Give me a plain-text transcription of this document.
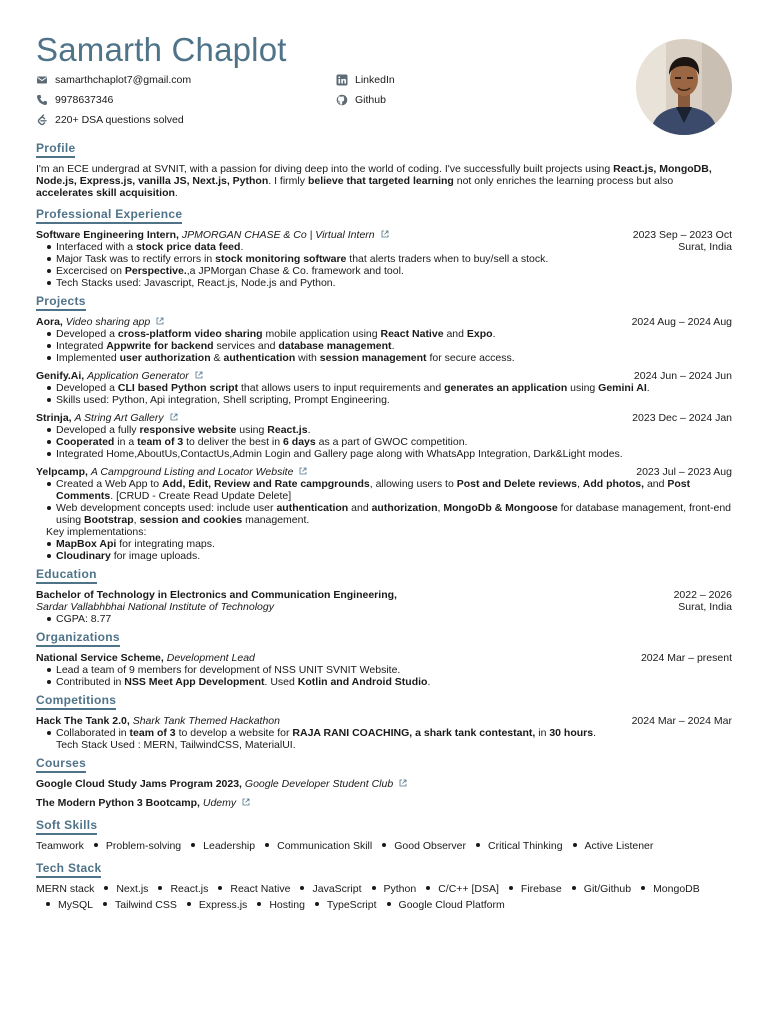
Samarth Chaplot
samarthchaplot7@gmail.com	LinkedIn
9978637346	Github
220+ DSA questions solved
Profile
I'm an ECE undergrad at SVNIT, with a passion for diving deep into the world of coding. I've successfully built projects using React.js, MongoDB, Node.js, Express.js, vanilla JS, Next.js, Python. I firmly believe that targeted learning not only enriches the learning process but also accelerates skill acquisition.
Professional Experience
Software Engineering Intern, JPMORGAN CHASE & Co | Virtual Intern	2023 Sep – 2023 Oct
Interfaced with a stock price data feed.	Surat, India
Major Task was to rectify errors in stock monitoring software that alerts traders when to buy/sell a stock.
Excercised on Perspective.,a JPMorgan Chase & Co. framework and tool.
Tech Stacks used: Javascript, React.js, Node.js and Python.
Projects
Aora, Video sharing app	2024 Aug – 2024 Aug
Developed a cross-platform video sharing mobile application using React Native and Expo.
Integrated Appwrite for backend services and database management.
Implemented user authorization & authentication with session management for secure access.
Genify.Ai, Application Generator	2024 Jun – 2024 Jun
Developed a CLI based Python script that allows users to input requirements and generates an application using Gemini AI.
Skills used: Python, Api integration, Shell scripting, Prompt Engineering.
Strinja, A String Art Gallery	2023 Dec – 2024 Jan
Developed a fully responsive website using React.js.
Cooperated in a team of 3 to deliver the best in 6 days as a part of GWOC competition.
Integrated Home,AboutUs,ContactUs,Admin Login and Gallery page along with WhatsApp Integration, Dark&Light modes.
Yelpcamp, A Campground Listing and Locator Website	2023 Jul – 2023 Aug
Created a Web App to Add, Edit, Review and Rate campgrounds, allowing users to Post and Delete reviews, Add photos, and Post Comments. [CRUD - Create Read Update Delete]
Web development concepts used: include user authentication and authorization, MongoDb & Mongoose for database management, front-end using Bootstrap, session and cookies management.
Key implementations:
MapBox Api for integrating maps.
Cloudinary for image uploads.
Education
Bachelor of Technology in Electronics and Communication Engineering,	2022 – 2026
Sardar Vallabhbhai National Institute of Technology	Surat, India
CGPA: 8.77
Organizations
National Service Scheme, Development Lead	2024 Mar – present
Lead a team of 9 members for development of NSS UNIT SVNIT Website.
Contributed in NSS Meet App Development. Used Kotlin and Android Studio.
Competitions
Hack The Tank 2.0, Shark Tank Themed Hackathon	2024 Mar – 2024 Mar
Collaborated in team of 3 to develop a website for RAJA RANI COACHING, a shark tank contestant, in 30 hours.
Tech Stack Used : MERN, TailwindCSS, MaterialUI.
Courses
Google Cloud Study Jams Program 2023, Google Developer Student Club
The Modern Python 3 Bootcamp, Udemy
Soft Skills
Teamwork	Problem-solving	Leadership	Communication Skill	Good Observer	Critical Thinking	Active Listener
Tech Stack
MERN stack	Next.js	React.js	React Native	JavaScript	Python	C/C++ [DSA]	Firebase	Git/Github	MongoDB
MySQL	Tailwind CSS	Express.js	Hosting	TypeScript	Google Cloud Platform
